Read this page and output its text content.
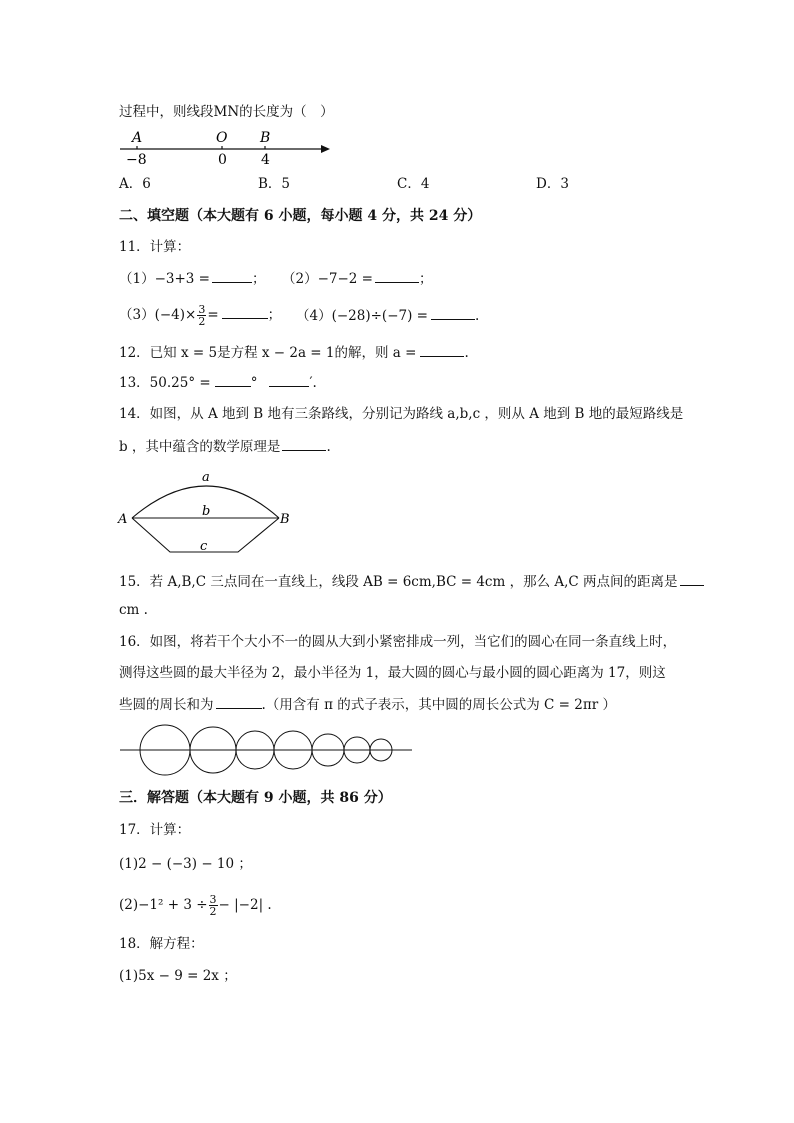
过程中，则线段MN的长度为（　）
A	O B
−8	0 4
A．6	B．5	C．4	D．3
二、填空题（本大题有 6 小题，每小题 4 分，共 24 分）
11．计算：
（1）−3+3 =	； （2）−7−2 =	；
$(3)(-4)\times \frac{3}{2}$ =	； （4）(−28)÷(−7) =	.
12．已知 x = 5是方程 x − 2a = 1的解，则 a =	.
13．50.25° =	°	′.
14．如图，从 A 地到 B 地有三条路线，分别记为路线 a,b,c ，则从 A 地到 B 地的最短路线是
b ，其中蕴含的数学原理是	.
a
b
c
A	B
15．若 A,B,C 三点同在一直线上，线段 AB = 6cm,BC = 4cm ，那么 A,C 两点间的距离是
cm .
16．如图，将若干个大小不一的圆从大到小紧密排成一列，当它们的圆心在同一条直线上时，
测得这些圆的最大半径为 2，最小半径为 1，最大圆的圆心与最小圆的圆心距离为 17，则这
些圆的周长和为	.（用含有 π 的式子表示，其中圆的周长公式为 C = 2πr ）
三．解答题（本大题有 9 小题，共 86 分）
17．计算：
(1)2 − (−3) − 10 ；
$(2)-1^2 + 3 \div \frac{3}{2} - |-2|$ .
18．解方程：
(1)5x − 9 = 2x ；
